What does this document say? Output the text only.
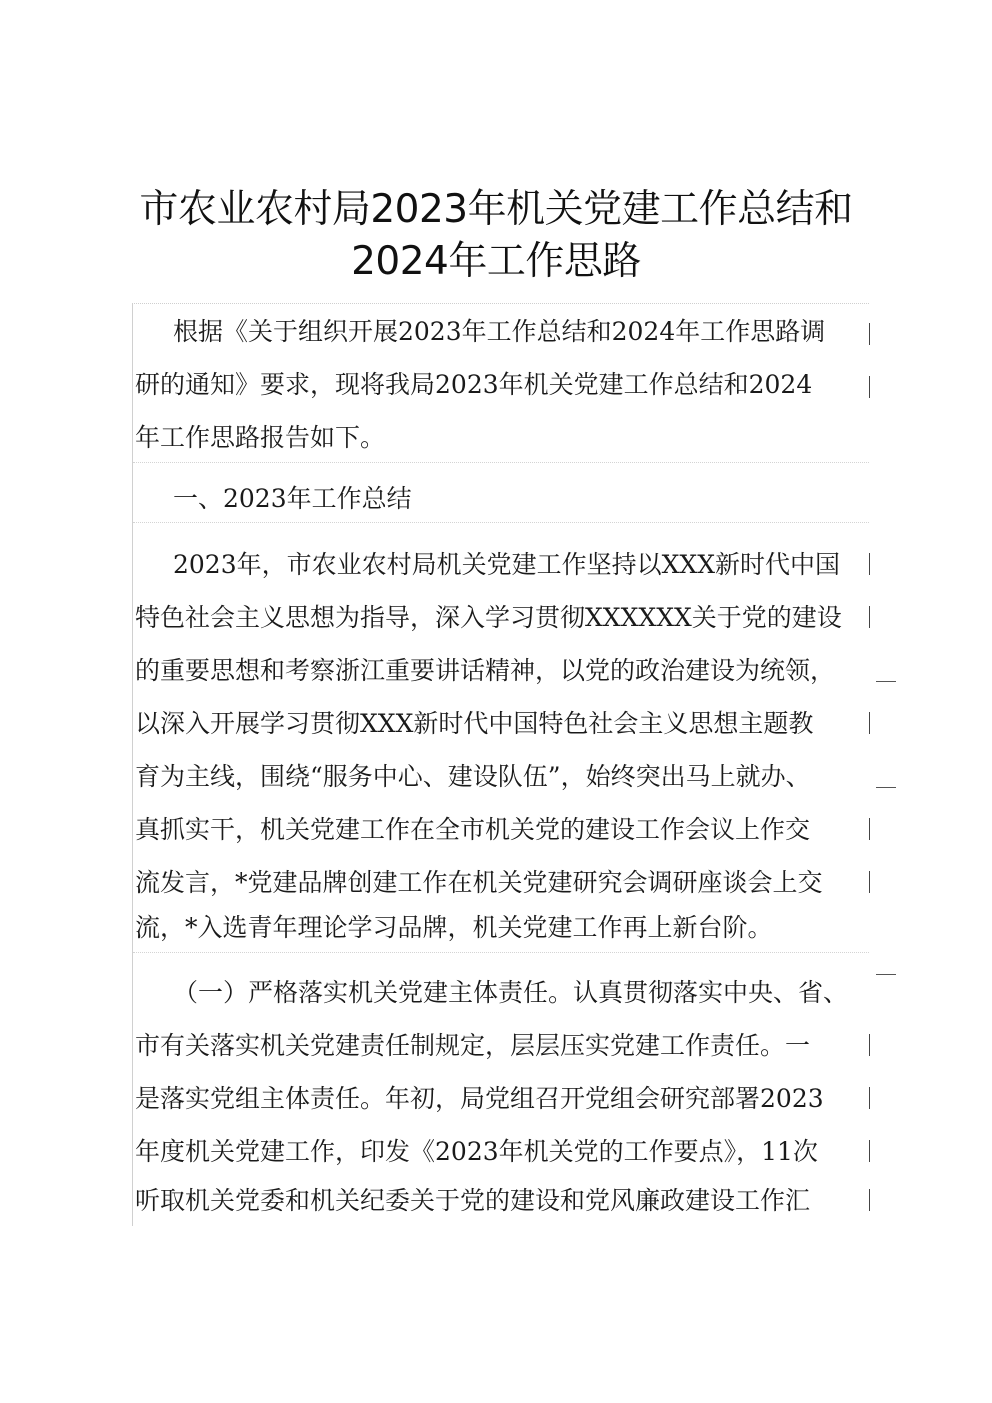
市农业农村局2023年机关党建工作总结和
2024年工作思路
根据《关于组织开展2023年工作总结和2024年工作思路调
研的通知》要求，现将我局2023年机关党建工作总结和2024
年工作思路报告如下。
一、2023年工作总结
2023年，市农业农村局机关党建工作坚持以XXX新时代中国
特色社会主义思想为指导，深入学习贯彻XXXXXX关于党的建设
的重要思想和考察浙江重要讲话精神，以党的政治建设为统领，
以深入开展学习贯彻XXX新时代中国特色社会主义思想主题教
育为主线，围绕“服务中心、建设队伍”，始终突出马上就办、
真抓实干，机关党建工作在全市机关党的建设工作会议上作交
流发言，*党建品牌创建工作在机关党建研究会调研座谈会上交
流，*入选青年理论学习品牌，机关党建工作再上新台阶。
（一）严格落实机关党建主体责任。认真贯彻落实中央、省、
市有关落实机关党建责任制规定，层层压实党建工作责任。一
是落实党组主体责任。年初，局党组召开党组会研究部署2023
年度机关党建工作，印发《2023年机关党的工作要点》，11次
听取机关党委和机关纪委关于党的建设和党风廉政建设工作汇
